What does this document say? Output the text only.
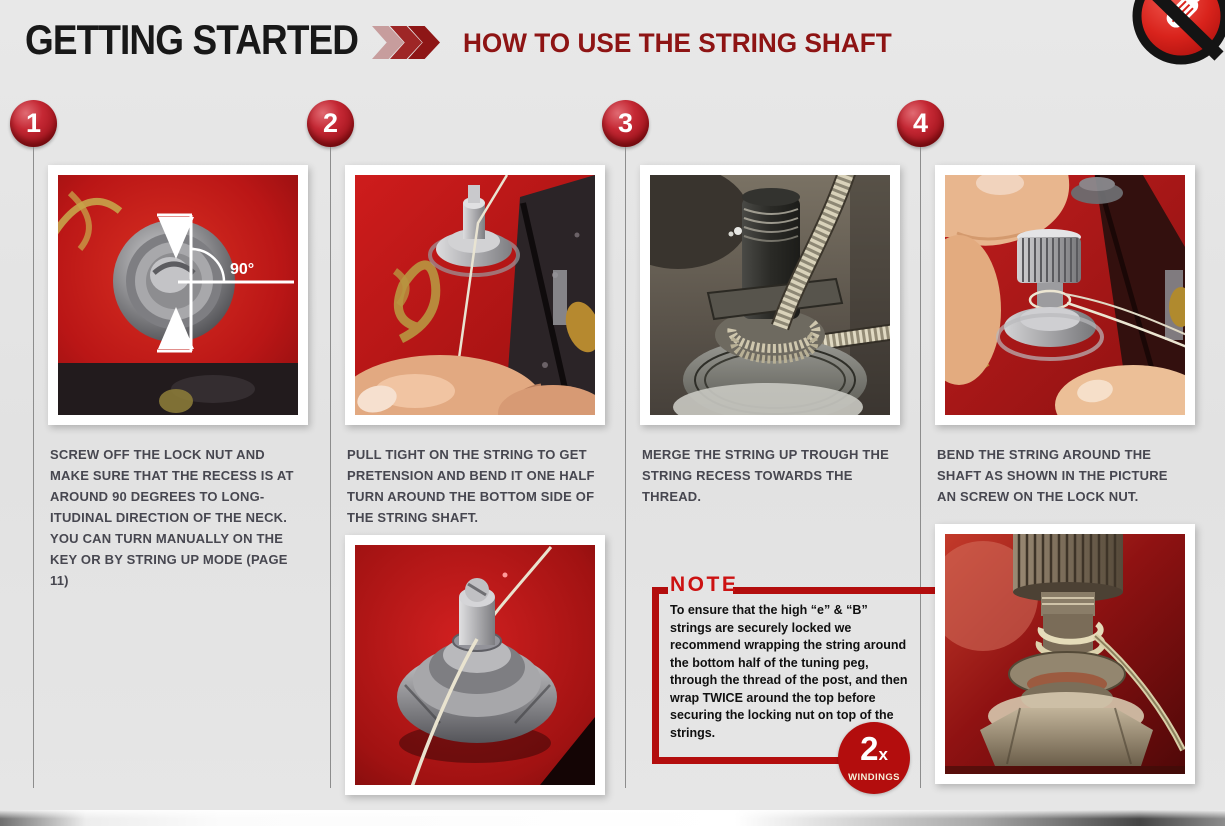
GETTING STARTED	HOW TO USE THE STRING SHAFT
1	2	3	4
90°
SCREW OFF THE LOCK NUT AND MAKE SURE THAT THE RECESS IS AT AROUND 90 DEGREES TO LONG-ITUDINAL DIRECTION OF THE NECK. YOU CAN TURN MANUALLY ON THE KEY OR BY STRING UP MODE (PAGE 11)
PULL TIGHT ON THE STRING TO GET PRETENSION AND BEND IT ONE HALF TURN AROUND THE BOTTOM SIDE OF THE STRING SHAFT.
MERGE THE STRING UP TROUGH THE STRING RECESS TOWARDS THE THREAD.
BEND THE STRING AROUND THE SHAFT AS SHOWN IN THE PICTURE AN SCREW ON THE LOCK NUT.
NOTE
To ensure that the high “e” & “B” strings are securely locked we recommend wrapping the string around the bottom half of the tuning peg, through the thread of the post, and then wrap TWICE around the top before securing the locking nut on top of the strings.	2x
WINDINGS
